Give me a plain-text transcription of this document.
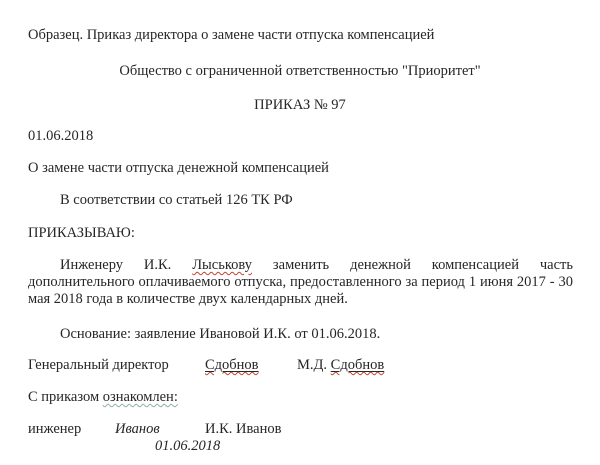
Образец. Приказ директора о замене части отпуска компенсацией
Общество с ограниченной ответственностью "Приоритет"
ПРИКАЗ № 97
01.06.2018
О замене части отпуска денежной компенсацией
В соответствии со статьей 126 ТК РФ
ПРИКАЗЫВАЮ:
Инженеру И.К. Лыськову заменить денежной компенсацией часть дополнительного оплачиваемого отпуска, предоставленного за период 1 июня 2017 - 30 мая 2018 года в количестве двух календарных дней.
Основание: заявление Ивановой И.К. от 01.06.2018.
Генеральный директор Сдобнов	М.Д. Сдобнов
С приказом ознакомлен:
инженер Иванов	И.К. Иванов
01.06.2018
